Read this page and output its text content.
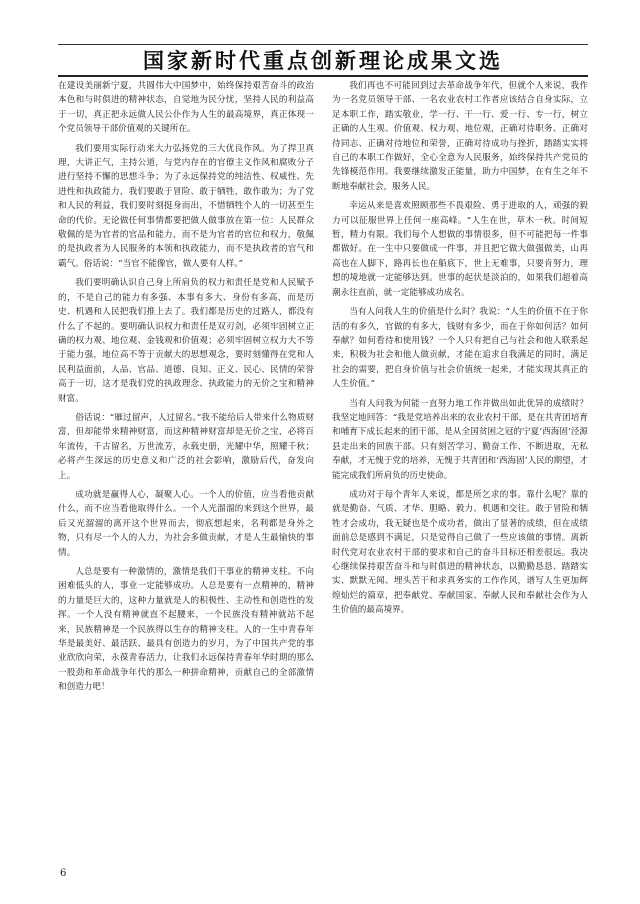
国家新时代重点创新理论成果文选

在建设美丽新宁夏，共圆伟大中国梦中，始终保持艰苦奋斗的政治本色和与时俱进的精神状态，自觉地为民分忧，坚持人民的利益高于一切，真正把永远做人民公仆作为人生的最高境界，真正体现一个党员领导干部价值观的关键所在。

我们要用实际行动来大力弘扬党的三大优良作风。为了捍卫真理，大讲正气，主持公道，与党内存在的官僚主义作风和腐败分子进行坚持不懈的思想斗争；为了永远保持党的纯洁性、权威性、先进性和执政能力，我们要敢于冒险、敢于牺牲，敢作敢为；为了党和人民的利益，我们要时刻挺身而出，不惜牺牲个人的一切甚至生命的代价。无论做任何事情都要把做人做事放在第一位：人民群众敬佩的是为官者的官品和能力，而不是为官者的官位和权力，敬佩的是执政者为人民服务的本领和执政能力，而不是执政者的官气和霸气。俗话说：“当官不能像官，做人要有人样。”

我们要明确认识自己身上所肩负的权力和责任是党和人民赋予的，不是自己的能力有多强、本事有多大、身份有多高，而是历史、机遇和人民把我们推上去了。我们都是历史的过路人，都没有什么了不起的。要明确认识权力和责任是双刃剑，必须牢固树立正确的权力观、地位观、金钱观和价值观；必须牢固树立权力大不等于能力强，地位高不等于贡献大的思想观念，要时刻懂得在党和人民利益面前，人品、官品、道德、良知、正义、民心、民情的荣誉高于一切，这才是我们党的执政理念、执政能力的无价之宝和精神财富。

俗话说：“雁过留声，人过留名。”我不能给后人带来什么物质财富，但却能带来精神财富，而这种精神财富却是无价之宝，必将百年流传，千古留名，万世流芳，永载史册，光耀中华，照耀千秋；必将产生深远的历史意义和广泛的社会影响，激励后代，奋发向上。

成功就是赢得人心，凝聚人心。一个人的价值，应当看他贡献什么，而不应当看他取得什么。一个人光溜溜的来到这个世界，最后又光溜溜的离开这个世界而去，彻底想起来，名利都是身外之物，只有尽一个人的人力，为社会多做贡献，才是人生最愉快的事情。

人总是要有一种激情的，激情是我们干事业的精神支柱。不向困难低头的人，事业一定能够成功。人总是要有一点精神的，精神的力量是巨大的，这种力量就是人的积极性、主动性和创造性的发挥。一个人没有精神就直不起腰来，一个民族没有精神就站不起来，民族精神是一个民族得以生存的精神支柱。人的一生中青春年华是最美好、最活跃、最具有创造力的岁月，为了中国共产党的事业欣欣向荣，永葆青春活力，让我们永远保持青春年华时期的那么一股劲和革命战争年代的那么一种拼命精神，贡献自己的全部激情和创造力吧！

我们再也不可能回到过去革命战争年代，但就个人来说，我作为一名党员领导干部、一名农业农村工作者应该结合自身实际，立足本职工作，踏实敬业，学一行、干一行、爱一行、专一行，树立正确的人生观、价值观、权力观、地位观，正确对待职务、正确对待同志、正确对待地位和荣誉，正确对待成功与挫折，踏踏实实将自己的本职工作做好，全心全意为人民服务，始终保持共产党员的先锋模范作用。我要继续激发正能量，助力中国梦，在有生之年不断地奉献社会，服务人民。

幸运从来是喜欢照顾那些不畏艰险、勇于进取的人，顽强的毅力可以征服世界上任何一座高峰。“人生在世，草木一秋。时间短暂，精力有限。我们每个人想做的事情很多，但不可能把每一件事都做好。在一生中只要做成一件事，并且把它做大做强做美，山再高也在人脚下，路再长也在船底下，世上无难事，只要肯努力，理想的境地就一定能够达到。世事的起伏是淡泊的，如果我们超着高潮永往直前，就一定能够成功成名。

当有人问我人生的价值是什么时？我说：“人生的价值不在于你活的有多久，官做的有多大，钱财有多少，而在于你如何活？如何奉献？如何看待和使用钱？一个人只有把自己与社会和他人联系起来，积极为社会和他人做贡献，才能在追求自我满足的同时，满足社会的需要，把自身价值与社会价值统一起来，才能实现其真正的人生价值。”

当有人问我为何能一直努力地工作并做出如此优异的成绩时？我坚定地回答：“我是党培养出来的农业农村干部，是在共青团培育和哺育下成长起来的团干部，是从全国贫困之冠的宁夏‘西海固’泾源县走出来的回族干部。只有刻苦学习、勤奋工作、不断进取，无私奉献，才无愧于党的培养，无愧于共青团和‘西海固’人民的期望，才能完成我们所肩负的历史使命。

成功对于每个青年人来说，都是所乞求的事。靠什么呢？靠的就是勤奋、气质、才华、胆略、毅力、机遇和交往。敢于冒险和牺牲才会成功，我无疑也是个成功者，做出了显著的成绩，但在成绩面前总是感到不满足，只是觉得自己做了一些应该做的事情。离新时代党对农业农村干部的要求和自己的奋斗目标还相差很远。我决心继续保持艰苦奋斗和与时俱进的精神状态，以勤勤恳恳、踏踏实实、默默无闻、埋头苦干和求真务实的工作作风，谱写人生更加辉煌灿烂的篇章，把奉献党、奉献国家、奉献人民和奉献社会作为人生价值的最高境界。

6
